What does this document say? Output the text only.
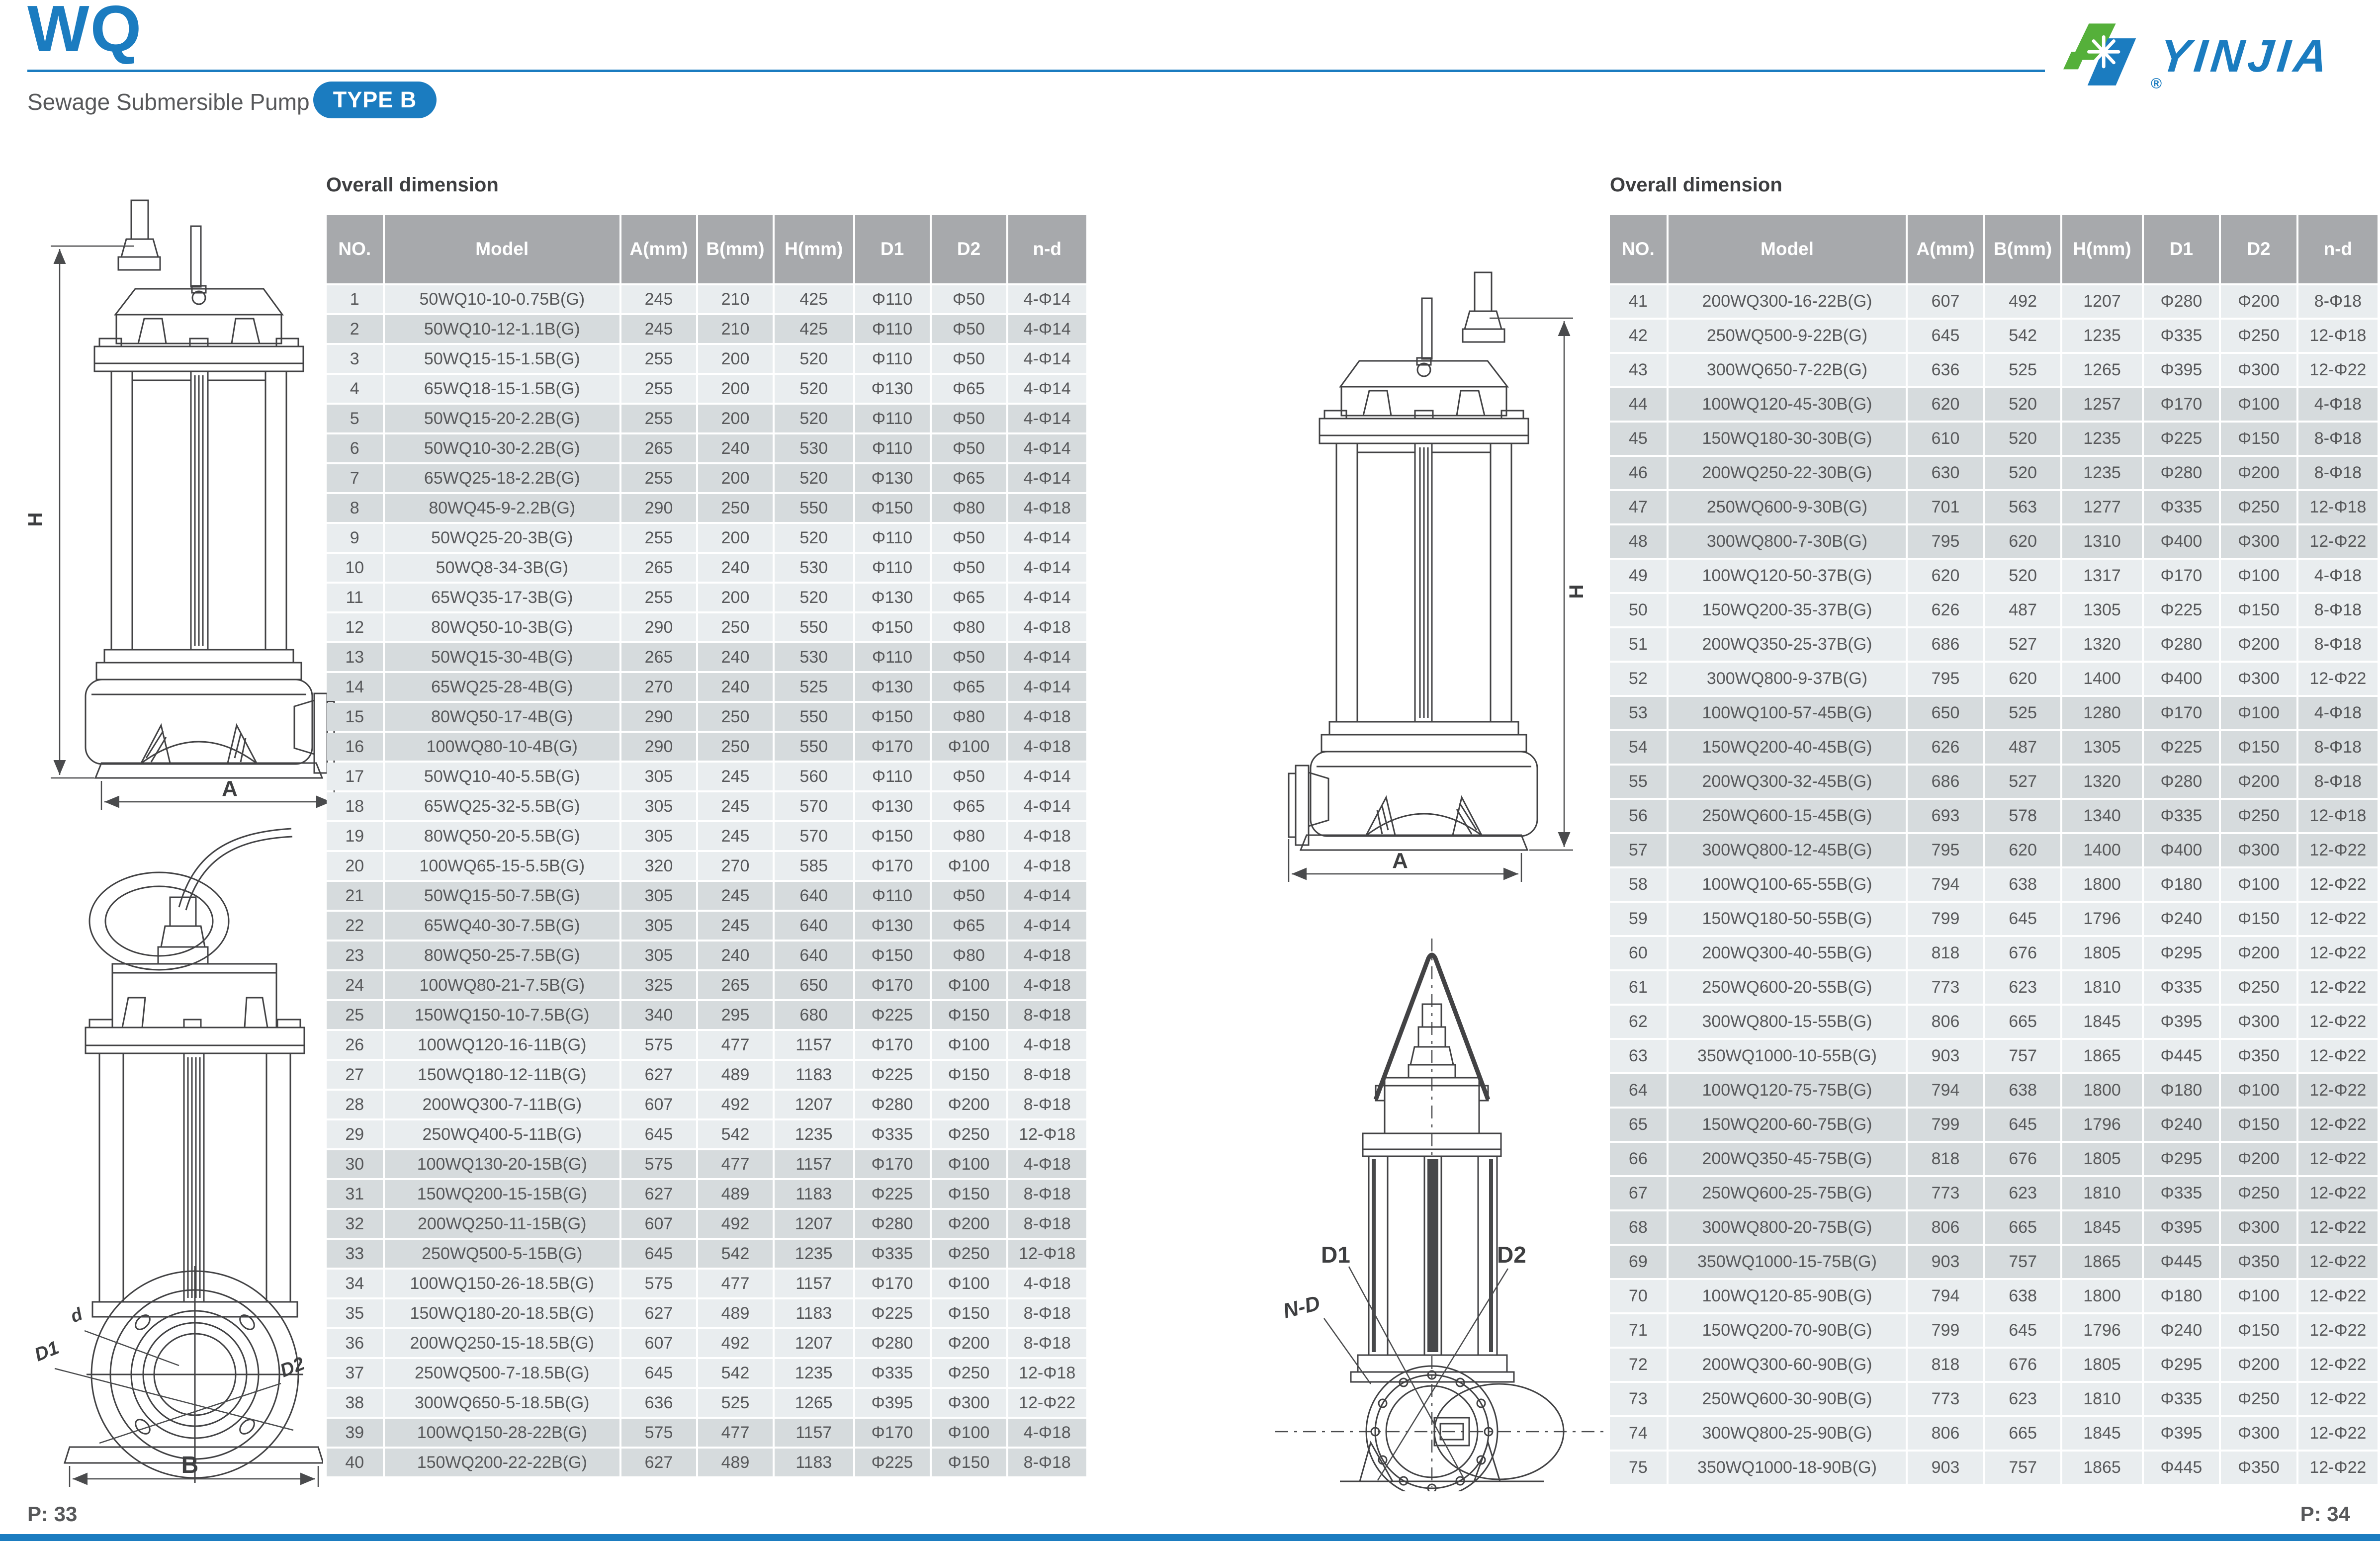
WQ
Sewage Submersible Pump	TYPE B
YINJIA
®
Overall dimension	Overall dimension
H
A
d
D1
D2
B
H
A
D1	D2
N-D
NO.	Model	A(mm)	B(mm)	H(mm)	D1	D2	n-d
1	50WQ10-10-0.75B(G)	245	210	425	Φ110	Φ50	4-Φ14
2	50WQ10-12-1.1B(G)	245	210	425	Φ110	Φ50	4-Φ14
3	50WQ15-15-1.5B(G)	255	200	520	Φ110	Φ50	4-Φ14
4	65WQ18-15-1.5B(G)	255	200	520	Φ130	Φ65	4-Φ14
5	50WQ15-20-2.2B(G)	255	200	520	Φ110	Φ50	4-Φ14
6	50WQ10-30-2.2B(G)	265	240	530	Φ110	Φ50	4-Φ14
7	65WQ25-18-2.2B(G)	255	200	520	Φ130	Φ65	4-Φ14
8	80WQ45-9-2.2B(G)	290	250	550	Φ150	Φ80	4-Φ18
9	50WQ25-20-3B(G)	255	200	520	Φ110	Φ50	4-Φ14
10	50WQ8-34-3B(G)	265	240	530	Φ110	Φ50	4-Φ14
11	65WQ35-17-3B(G)	255	200	520	Φ130	Φ65	4-Φ14
12	80WQ50-10-3B(G)	290	250	550	Φ150	Φ80	4-Φ18
13	50WQ15-30-4B(G)	265	240	530	Φ110	Φ50	4-Φ14
14	65WQ25-28-4B(G)	270	240	525	Φ130	Φ65	4-Φ14
15	80WQ50-17-4B(G)	290	250	550	Φ150	Φ80	4-Φ18
16	100WQ80-10-4B(G)	290	250	550	Φ170	Φ100	4-Φ18
17	50WQ10-40-5.5B(G)	305	245	560	Φ110	Φ50	4-Φ14
18	65WQ25-32-5.5B(G)	305	245	570	Φ130	Φ65	4-Φ14
19	80WQ50-20-5.5B(G)	305	245	570	Φ150	Φ80	4-Φ18
20	100WQ65-15-5.5B(G)	320	270	585	Φ170	Φ100	4-Φ18
21	50WQ15-50-7.5B(G)	305	245	640	Φ110	Φ50	4-Φ14
22	65WQ40-30-7.5B(G)	305	245	640	Φ130	Φ65	4-Φ14
23	80WQ50-25-7.5B(G)	305	240	640	Φ150	Φ80	4-Φ18
24	100WQ80-21-7.5B(G)	325	265	650	Φ170	Φ100	4-Φ18
25	150WQ150-10-7.5B(G)	340	295	680	Φ225	Φ150	8-Φ18
26	100WQ120-16-11B(G)	575	477	1157	Φ170	Φ100	4-Φ18
27	150WQ180-12-11B(G)	627	489	1183	Φ225	Φ150	8-Φ18
28	200WQ300-7-11B(G)	607	492	1207	Φ280	Φ200	8-Φ18
29	250WQ400-5-11B(G)	645	542	1235	Φ335	Φ250	12-Φ18
30	100WQ130-20-15B(G)	575	477	1157	Φ170	Φ100	4-Φ18
31	150WQ200-15-15B(G)	627	489	1183	Φ225	Φ150	8-Φ18
32	200WQ250-11-15B(G)	607	492	1207	Φ280	Φ200	8-Φ18
33	250WQ500-5-15B(G)	645	542	1235	Φ335	Φ250	12-Φ18
34	100WQ150-26-18.5B(G)	575	477	1157	Φ170	Φ100	4-Φ18
35	150WQ180-20-18.5B(G)	627	489	1183	Φ225	Φ150	8-Φ18
36	200WQ250-15-18.5B(G)	607	492	1207	Φ280	Φ200	8-Φ18
37	250WQ500-7-18.5B(G)	645	542	1235	Φ335	Φ250	12-Φ18
38	300WQ650-5-18.5B(G)	636	525	1265	Φ395	Φ300	12-Φ22
39	100WQ150-28-22B(G)	575	477	1157	Φ170	Φ100	4-Φ18
40	150WQ200-22-22B(G)	627	489	1183	Φ225	Φ150	8-Φ18
NO.	Model	A(mm)	B(mm)	H(mm)	D1	D2	n-d
41	200WQ300-16-22B(G)	607	492	1207	Φ280	Φ200	8-Φ18
42	250WQ500-9-22B(G)	645	542	1235	Φ335	Φ250	12-Φ18
43	300WQ650-7-22B(G)	636	525	1265	Φ395	Φ300	12-Φ22
44	100WQ120-45-30B(G)	620	520	1257	Φ170	Φ100	4-Φ18
45	150WQ180-30-30B(G)	610	520	1235	Φ225	Φ150	8-Φ18
46	200WQ250-22-30B(G)	630	520	1235	Φ280	Φ200	8-Φ18
47	250WQ600-9-30B(G)	701	563	1277	Φ335	Φ250	12-Φ18
48	300WQ800-7-30B(G)	795	620	1310	Φ400	Φ300	12-Φ22
49	100WQ120-50-37B(G)	620	520	1317	Φ170	Φ100	4-Φ18
50	150WQ200-35-37B(G)	626	487	1305	Φ225	Φ150	8-Φ18
51	200WQ350-25-37B(G)	686	527	1320	Φ280	Φ200	8-Φ18
52	300WQ800-9-37B(G)	795	620	1400	Φ400	Φ300	12-Φ22
53	100WQ100-57-45B(G)	650	525	1280	Φ170	Φ100	4-Φ18
54	150WQ200-40-45B(G)	626	487	1305	Φ225	Φ150	8-Φ18
55	200WQ300-32-45B(G)	686	527	1320	Φ280	Φ200	8-Φ18
56	250WQ600-15-45B(G)	693	578	1340	Φ335	Φ250	12-Φ18
57	300WQ800-12-45B(G)	795	620	1400	Φ400	Φ300	12-Φ22
58	100WQ100-65-55B(G)	794	638	1800	Φ180	Φ100	12-Φ22
59	150WQ180-50-55B(G)	799	645	1796	Φ240	Φ150	12-Φ22
60	200WQ300-40-55B(G)	818	676	1805	Φ295	Φ200	12-Φ22
61	250WQ600-20-55B(G)	773	623	1810	Φ335	Φ250	12-Φ22
62	300WQ800-15-55B(G)	806	665	1845	Φ395	Φ300	12-Φ22
63	350WQ1000-10-55B(G)	903	757	1865	Φ445	Φ350	12-Φ22
64	100WQ120-75-75B(G)	794	638	1800	Φ180	Φ100	12-Φ22
65	150WQ200-60-75B(G)	799	645	1796	Φ240	Φ150	12-Φ22
66	200WQ350-45-75B(G)	818	676	1805	Φ295	Φ200	12-Φ22
67	250WQ600-25-75B(G)	773	623	1810	Φ335	Φ250	12-Φ22
68	300WQ800-20-75B(G)	806	665	1845	Φ395	Φ300	12-Φ22
69	350WQ1000-15-75B(G)	903	757	1865	Φ445	Φ350	12-Φ22
70	100WQ120-85-90B(G)	794	638	1800	Φ180	Φ100	12-Φ22
71	150WQ200-70-90B(G)	799	645	1796	Φ240	Φ150	12-Φ22
72	200WQ300-60-90B(G)	818	676	1805	Φ295	Φ200	12-Φ22
73	250WQ600-30-90B(G)	773	623	1810	Φ335	Φ250	12-Φ22
74	300WQ800-25-90B(G)	806	665	1845	Φ395	Φ300	12-Φ22
75	350WQ1000-18-90B(G)	903	757	1865	Φ445	Φ350	12-Φ22
P: 33	P: 34
